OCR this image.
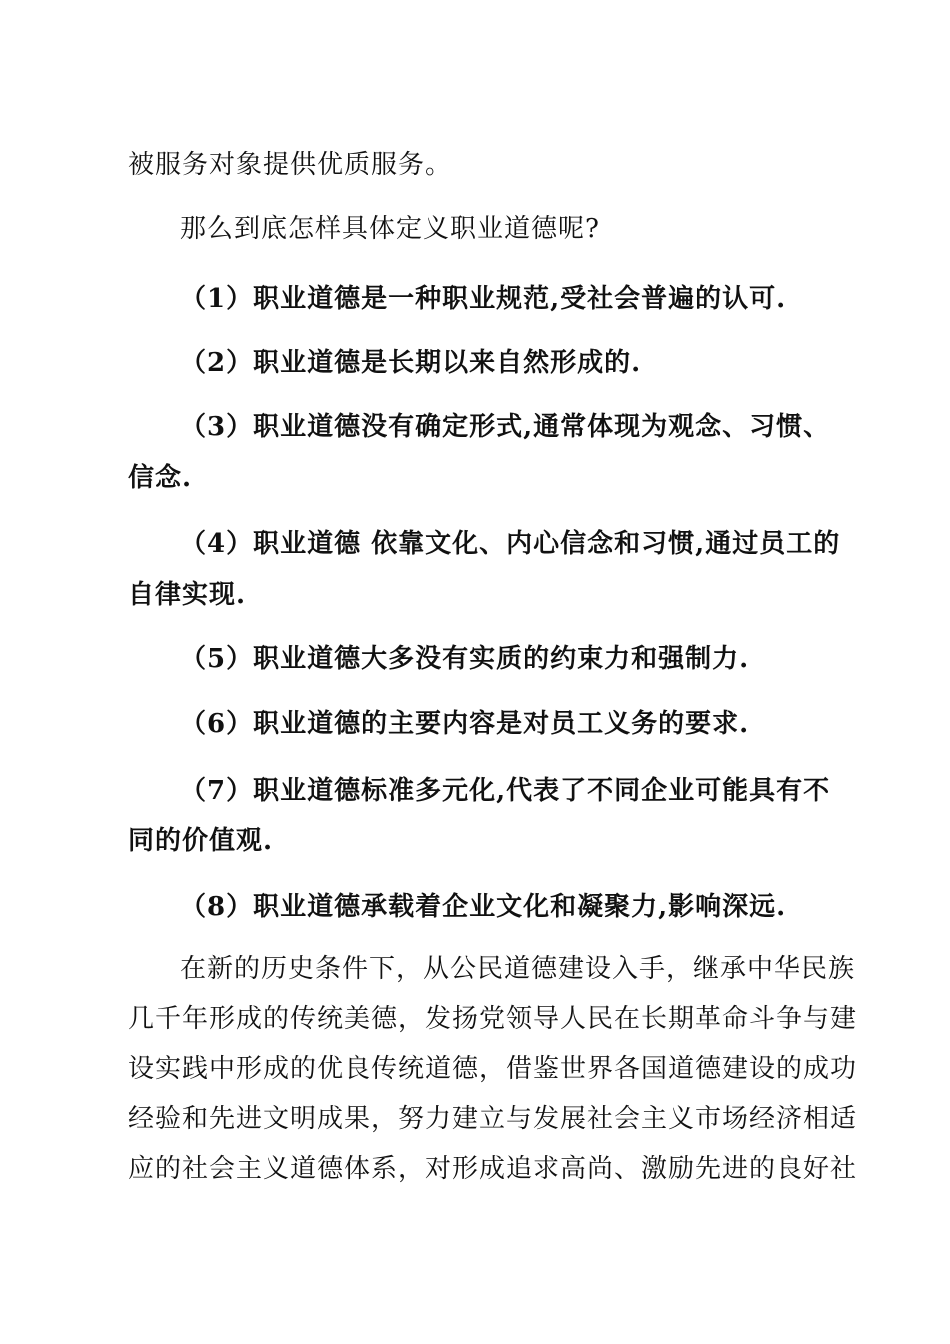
被服务对象提供优质服务。
那么到底怎样具体定义职业道德呢?
（1）职业道德是一种职业规范,受社会普遍的认可.
（2）职业道德是长期以来自然形成的.
（3）职业道德没有确定形式,通常体现为观念、习惯、
信念.
（4）职业道德 依靠文化、内心信念和习惯,通过员工的
自律实现.
（5）职业道德大多没有实质的约束力和强制力.
（6）职业道德的主要内容是对员工义务的要求.
（7）职业道德标准多元化,代表了不同企业可能具有不
同的价值观.
（8）职业道德承载着企业文化和凝聚力,影响深远.
在新的历史条件下，从公民道德建设入手，继承中华民族
几千年形成的传统美德，发扬党领导人民在长期革命斗争与建
设实践中形成的优良传统道德，借鉴世界各国道德建设的成功
经验和先进文明成果，努力建立与发展社会主义市场经济相适
应的社会主义道德体系，对形成追求高尚、激励先进的良好社
